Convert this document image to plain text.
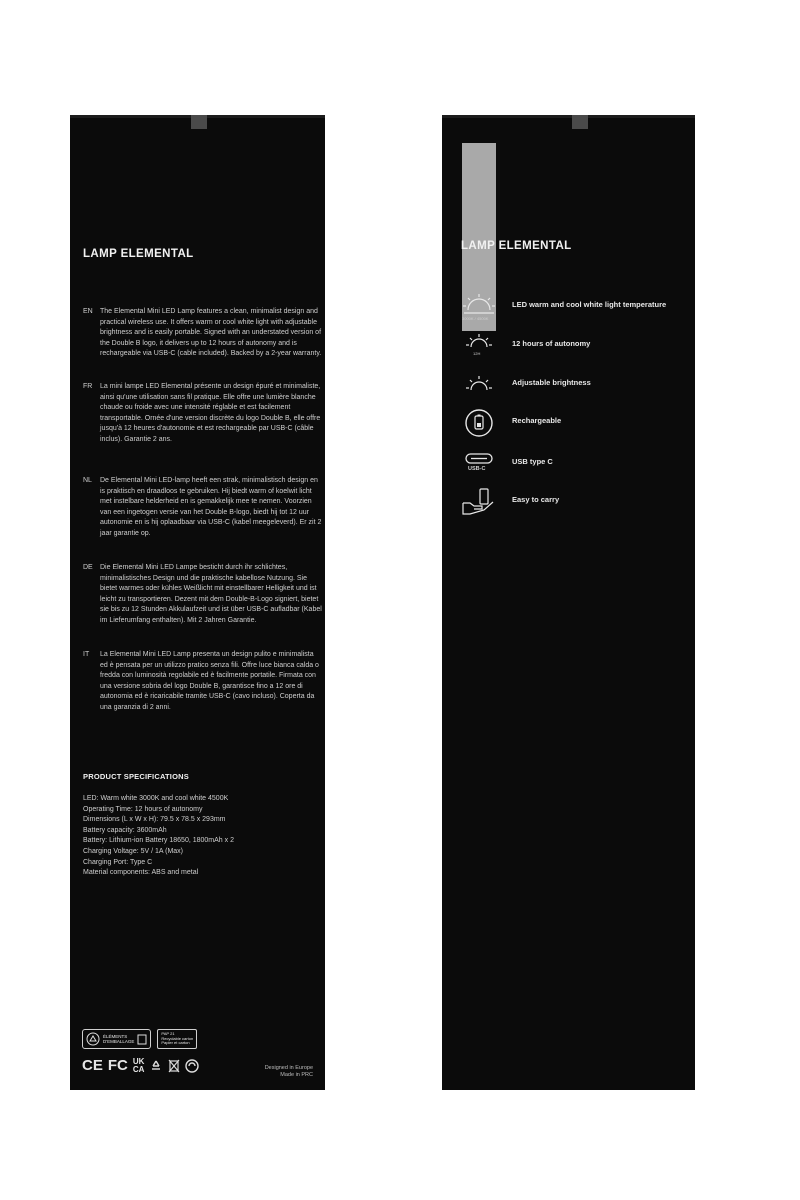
LAMP ELEMENTAL
EN	The Elemental Mini LED Lamp features a clean, minimalist design and practical wireless use. It offers warm or cool white light with adjustable brightness and is easily portable. Signed with an understated version of the Double B logo, it delivers up to 12 hours of autonomy and is rechargeable via USB-C (cable included). Backed by a 2-year warranty.
FR	La mini lampe LED Elemental présente un design épuré et minimaliste, ainsi qu'une utilisation sans fil pratique. Elle offre une lumière blanche chaude ou froide avec une intensité réglable et est facilement transportable. Ornée d'une version discrète du logo Double B, elle offre jusqu'à 12 heures d'autonomie et est rechargeable par USB-C (câble inclus). Garantie 2 ans.
NL	De Elemental Mini LED-lamp heeft een strak, minimalistisch design en is praktisch en draadloos te gebruiken. Hij biedt warm of koelwit licht met instelbare helderheid en is gemakkelijk mee te nemen. Voorzien van een ingetogen versie van het Double B-logo, biedt hij tot 12 uur autonomie en is hij oplaadbaar via USB-C (kabel meegeleverd). Er zit 2 jaar garantie op.
DE	Die Elemental Mini LED Lampe besticht durch ihr schlichtes, minimalistisches Design und die praktische kabellose Nutzung. Sie bietet warmes oder kühles Weißlicht mit einstellbarer Helligkeit und ist leicht zu transportieren. Dezent mit dem Double-B-Logo signiert, bietet sie bis zu 12 Stunden Akkulaufzeit und ist über USB-C aufladbar (Kabel im Lieferumfang enthalten). Mit 2 Jahren Garantie.
IT	La Elemental Mini LED Lamp presenta un design pulito e minimalista ed è pensata per un utilizzo pratico senza fili. Offre luce bianca calda o fredda con luminosità regolabile ed è facilmente portatile. Firmata con una versione sobria del logo Double B, garantisce fino a 12 ore di autonomia ed è ricaricabile tramite USB-C (cavo incluso). Coperta da una garanzia di 2 anni.
PRODUCT SPECIFICATIONS
LED: Warm white 3000K and cool white 4500K
Operating Time: 12 hours of autonomy
Dimensions (L x W x H): 79.5 x 78.5 x 293mm
Battery capacity: 3600mAh
Battery: Lithium-ion Battery 18650, 1800mAh x 2
Charging Voltage: 5V / 1A (Max)
Charging Port: Type C
Material components: ABS and metal
ÉLÉMENTS
D'EMBALLAGE
PAP 21
Recyclable carton
Papier et carton
CE FC UK
CA	Designed in Europe
Made in PRC
LAMP ELEMENTAL
3000K / 4500K
LED warm and cool white light temperature
12H
12 hours of autonomy
Adjustable brightness
Rechargeable
USB-C
USB type C
Easy to carry
